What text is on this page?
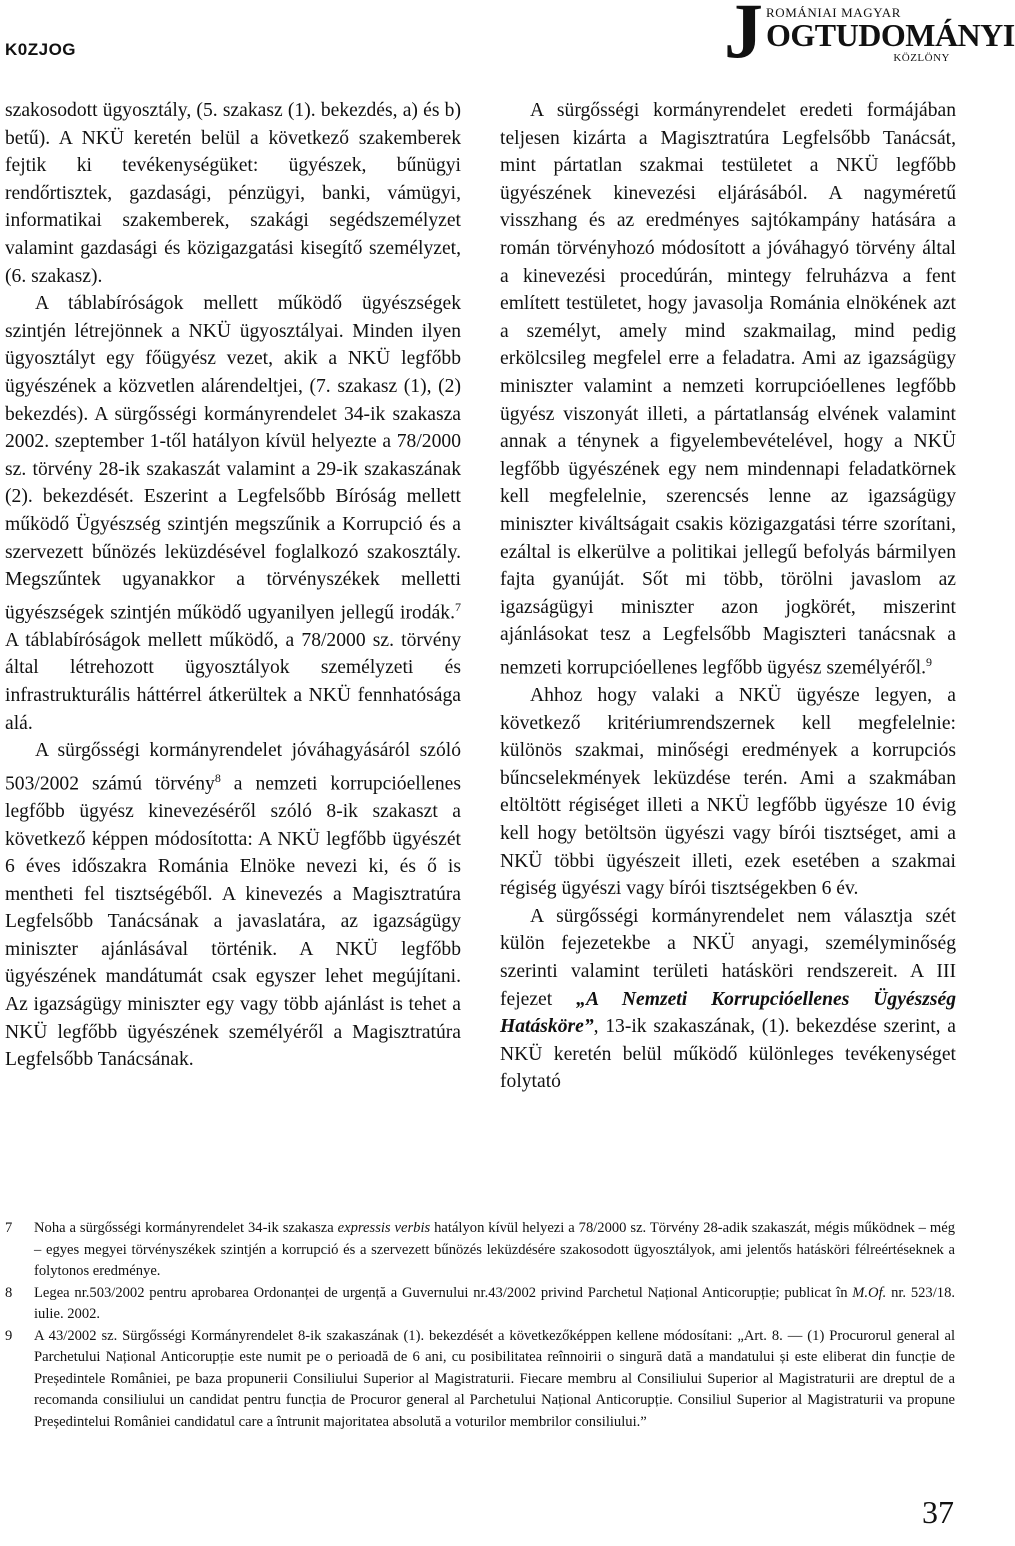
K0ZJOG	J ROMÁNIAI MAGYAR
OGTUDOMÁNYI
KÖZLÖNY

szakosodott ügyosztály, (5. szakasz (1). bekezdés, a) és b) betű). A NKÜ keretén belül a következő szakemberek fejtik ki tevékenységüket: ügyészek, bűnügyi rendőrtisztek, gazdasági, pénzügyi, banki, vámügyi, informatikai szakemberek, szakági segédszemélyzet valamint gazdasági és közigazgatási kisegítő személyzet, (6. szakasz).

A táblabíróságok mellett működő ügyészségek szintjén létrejönnek a NKÜ ügyosztályai. Minden ilyen ügyosztályt egy főügyész vezet, akik a NKÜ legfőbb ügyészének a közvetlen alárendeltjei, (7. szakasz (1), (2) bekezdés). A sürgősségi kormányrendelet 34-ik szakasza 2002. szeptember 1-től hatályon kívül helyezte a 78/2000 sz. törvény 28-ik szakaszát valamint a 29-ik szakaszának (2). bekezdését. Eszerint a Legfelsőbb Bíróság mellett működő Ügyészség szintjén megszűnik a Korrupció és a szervezett bűnözés leküzdésével foglalkozó szakosztály. Megszűntek ugyanakkor a törvényszékek melletti ügyészségek szintjén működő ugyanilyen jellegű irodák.$^7$ A táblabíróságok mellett működő, a 78/2000 sz. törvény által létrehozott ügyosztályok személyzeti és infrastrukturális háttérrel átkerültek a NKÜ fennhatósága alá.

A sürgősségi kormányrendelet jóváhagyásáról szóló 503/2002 számú törvény$^8$ a nemzeti korrupcióellenes legfőbb ügyész kinevezéséről szóló 8-ik szakaszt a következő képpen módosította: A NKÜ legfőbb ügyészét 6 éves időszakra Románia Elnöke nevezi ki, és ő is mentheti fel tisztségéből. A kinevezés a Magisztratúra Legfelsőbb Tanácsának a javaslatára, az igazságügy miniszter ajánlásával történik. A NKÜ legfőbb ügyészének mandátumát csak egyszer lehet megújítani. Az igazságügy miniszter egy vagy több ajánlást is tehet a NKÜ legfőbb ügyészének személyéről a Magisztratúra Legfelsőbb Tanácsának.

A sürgősségi kormányrendelet eredeti formájában teljesen kizárta a Magisztratúra Legfelsőbb Tanácsát, mint pártatlan szakmai testületet a NKÜ legfőbb ügyészének kinevezési eljárásából. A nagyméretű visszhang és az eredményes sajtókampány hatására a román törvényhozó módosított a jóváhagyó törvény által a kinevezési procedúrán, mintegy felruházva a fent említett testületet, hogy javasolja Románia elnökének azt a személyt, amely mind szakmailag, mind pedig erkölcsileg megfelel erre a feladatra. Ami az igazságügy miniszter valamint a nemzeti korrupcióellenes legfőbb ügyész viszonyát illeti, a pártatlanság elvének valamint annak a ténynek a figyelembevételével, hogy a NKÜ legfőbb ügyészének egy nem mindennapi feladatkörnek kell megfelelnie, szerencsés lenne az igazságügy miniszter kiváltságait csakis közigazgatási térre szorítani, ezáltal is elkerülve a politikai jellegű befolyás bármilyen fajta gyanúját. Sőt mi több, törölni javaslom az igazságügyi miniszter azon jogkörét, miszerint ajánlásokat tesz a Legfelsőbb Magiszteri tanácsnak a nemzeti korrupcióellenes legfőbb ügyész személyéről.$^9$

Ahhoz hogy valaki a NKÜ ügyésze legyen, a következő kritériumrendszernek kell megfelelnie: különös szakmai, minőségi eredmények a korrupciós bűncselekmények leküzdése terén. Ami a szakmában eltöltött régiséget illeti a NKÜ legfőbb ügyésze 10 évig kell hogy betöltsön ügyészi vagy bírói tisztséget, ami a NKÜ többi ügyészeit illeti, ezek esetében a szakmai régiség ügyészi vagy bírói tisztségekben 6 év.

A sürgősségi kormányrendelet nem választja szét külön fejezetekbe a NKÜ anyagi, személyminőség szerinti valamint területi hatásköri rendszereit. A III fejezet „A Nemzeti Korrupcióellenes Ügyészség Hatásköre”, 13-ik szakaszának, (1). bekezdése szerint, a NKÜ keretén belül működő különleges tevékenységet folytató

7 Noha a sürgősségi kormányrendelet 34-ik szakasza expressis verbis hatályon kívül helyezi a 78/2000 sz. Törvény 28-adik szakaszát, mégis működnek – még – egyes megyei törvényszékek szintjén a korrupció és a szervezett bűnözés leküzdésére szakosodott ügyosztályok, ami jelentős hatásköri félreértéseknek a folytonos eredménye.
8 Legea nr.503/2002 pentru aprobarea Ordonanței de urgență a Guvernului nr.43/2002 privind Parchetul Național Anticorupție; publicat în M.Of. nr. 523/18. iulie. 2002.
9 A 43/2002 sz. Sürgősségi Kormányrendelet 8-ik szakaszának (1). bekezdését a következőképpen kellene módosítani: „Art. 8. — (1) Procurorul general al Parchetului Național Anticorupție este numit pe o perioadă de 6 ani, cu posibilitatea reînnoirii o singură dată a mandatului și este eliberat din funcție de Președintele României, pe baza propunerii Consiliului Superior al Magistraturii. Fiecare membru al Consiliului Superior al Magistraturii are dreptul de a recomanda consiliului un candidat pentru funcția de Procuror general al Parchetului Național Anticorupție. Consiliul Superior al Magistraturii va propune Președintelui României candidatul care a întrunit majoritatea absolută a voturilor membrilor consiliului.”
37
